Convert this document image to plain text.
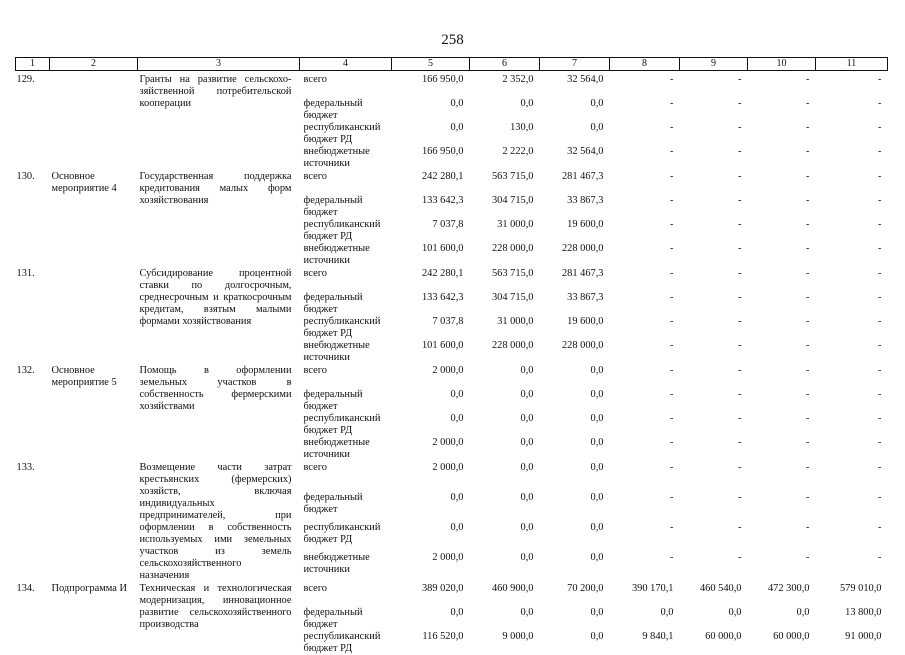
258
1	2	3	4	5	6	7	8	9	10	11

129.		Гранты на развитие сельскохо-зяйственной потребительской кооперации	всего	166 950,0	2 352,0	32 564,0	-	-	-	-
			федеральный бюджет	0,0	0,0	0,0	-	-	-	-
			республиканский бюджет РД	0,0	130,0	0,0	-	-	-	-
			внебюджетные источники	166 950,0	2 222,0	32 564,0	-	-	-	-
130.	Основное мероприятие 4	Государственная поддержка кредитования малых форм хозяйствования	всего	242 280,1	563 715,0	281 467,3	-	-	-	-
			федеральный бюджет	133 642,3	304 715,0	33 867,3	-	-	-	-
			республиканский бюджет РД	7 037,8	31 000,0	19 600,0	-	-	-	-
			внебюджетные источники	101 600,0	228 000,0	228 000,0	-	-	-	-
131.		Субсидирование процентной ставки по долгосрочным, среднесрочным и краткосрочным кредитам, взятым малыми формами хозяйствования	всего	242 280,1	563 715,0	281 467,3	-	-	-	-
			федеральный бюджет	133 642,3	304 715,0	33 867,3	-	-	-	-
			республиканский бюджет РД	7 037,8	31 000,0	19 600,0	-	-	-	-
			внебюджетные источники	101 600,0	228 000,0	228 000,0	-	-	-	-
132.	Основное мероприятие 5	Помощь в оформлении земельных участков в собственность фермерскими хозяйствами	всего	2 000,0	0,0	0,0	-	-	-	-
			федеральный бюджет	0,0	0,0	0,0	-	-	-	-
			республиканский бюджет РД	0,0	0,0	0,0	-	-	-	-
			внебюджетные источники	2 000,0	0,0	0,0	-	-	-	-
133.		Возмещение части затрат крестьянских (фермерских) хозяйств, включая индивидуальных предпринимателей, при оформлении в собственность используемых ими земельных участков из земель сельскохозяйственного назначения	всего	2 000,0	0,0	0,0	-	-	-	-
			федеральный бюджет	0,0	0,0	0,0	-	-	-	-
			республиканский бюджет РД	0,0	0,0	0,0	-	-	-	-
			внебюджетные источники	2 000,0	0,0	0,0	-	-	-	-
134.	Подпрограмма И	Техническая и технологическая модернизация, инновационное развитие сельскохозяйственного производства	всего	389 020,0	460 900,0	70 200,0	390 170,1	460 540,0	472 300,0	579 010,0
			федеральный бюджет	0,0	0,0	0,0	0,0	0,0	0,0	13 800,0
			республиканский бюджет РД	116 520,0	9 000,0	0,0	9 840,1	60 000,0	60 000,0	91 000,0
